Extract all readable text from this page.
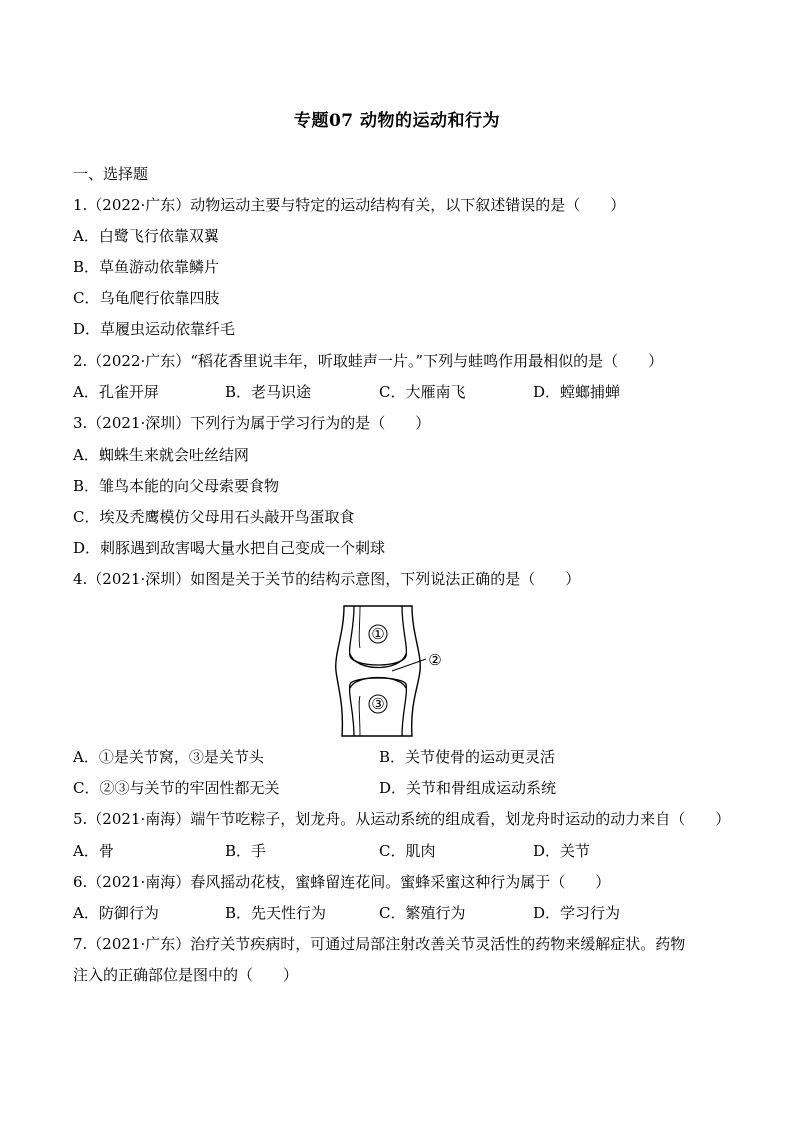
专题07 动物的运动和行为
一、选择题
1.（2022·广东）动物运动主要与特定的运动结构有关，以下叙述错误的是（　　）
A．白鹭飞行依靠双翼
B．草鱼游动依靠鳞片
C．乌龟爬行依靠四肢
D．草履虫运动依靠纤毛
2.（2022·广东）“稻花香里说丰年，听取蛙声一片。”下列与蛙鸣作用最相似的是（　　）
A．孔雀开屏	B．老马识途	C．大雁南飞	D．螳螂捕蝉
3.（2021·深圳）下列行为属于学习行为的是（　　）
A．蜘蛛生来就会吐丝结网
B．雏鸟本能的向父母索要食物
C．埃及秃鹰模仿父母用石头敲开鸟蛋取食
D．刺豚遇到敌害喝大量水把自己变成一个刺球
4.（2021·深圳）如图是关于关节的结构示意图，下列说法正确的是（　　）
①
③
②
A．①是关节窝，③是关节头	B．关节使骨的运动更灵活
C．②③与关节的牢固性都无关	D．关节和骨组成运动系统
5.（2021·南海）端午节吃粽子，划龙舟。从运动系统的组成看，划龙舟时运动的动力来自（　　）
A．骨	B．手	C．肌肉	D．关节
6.（2021·南海）春风摇动花枝，蜜蜂留连花间。蜜蜂采蜜这种行为属于（　　）
A．防御行为	B．先天性行为	C．繁殖行为	D．学习行为
7.（2021·广东）治疗关节疾病时，可通过局部注射改善关节灵活性的药物来缓解症状。药物
注入的正确部位是图中的（　　）
